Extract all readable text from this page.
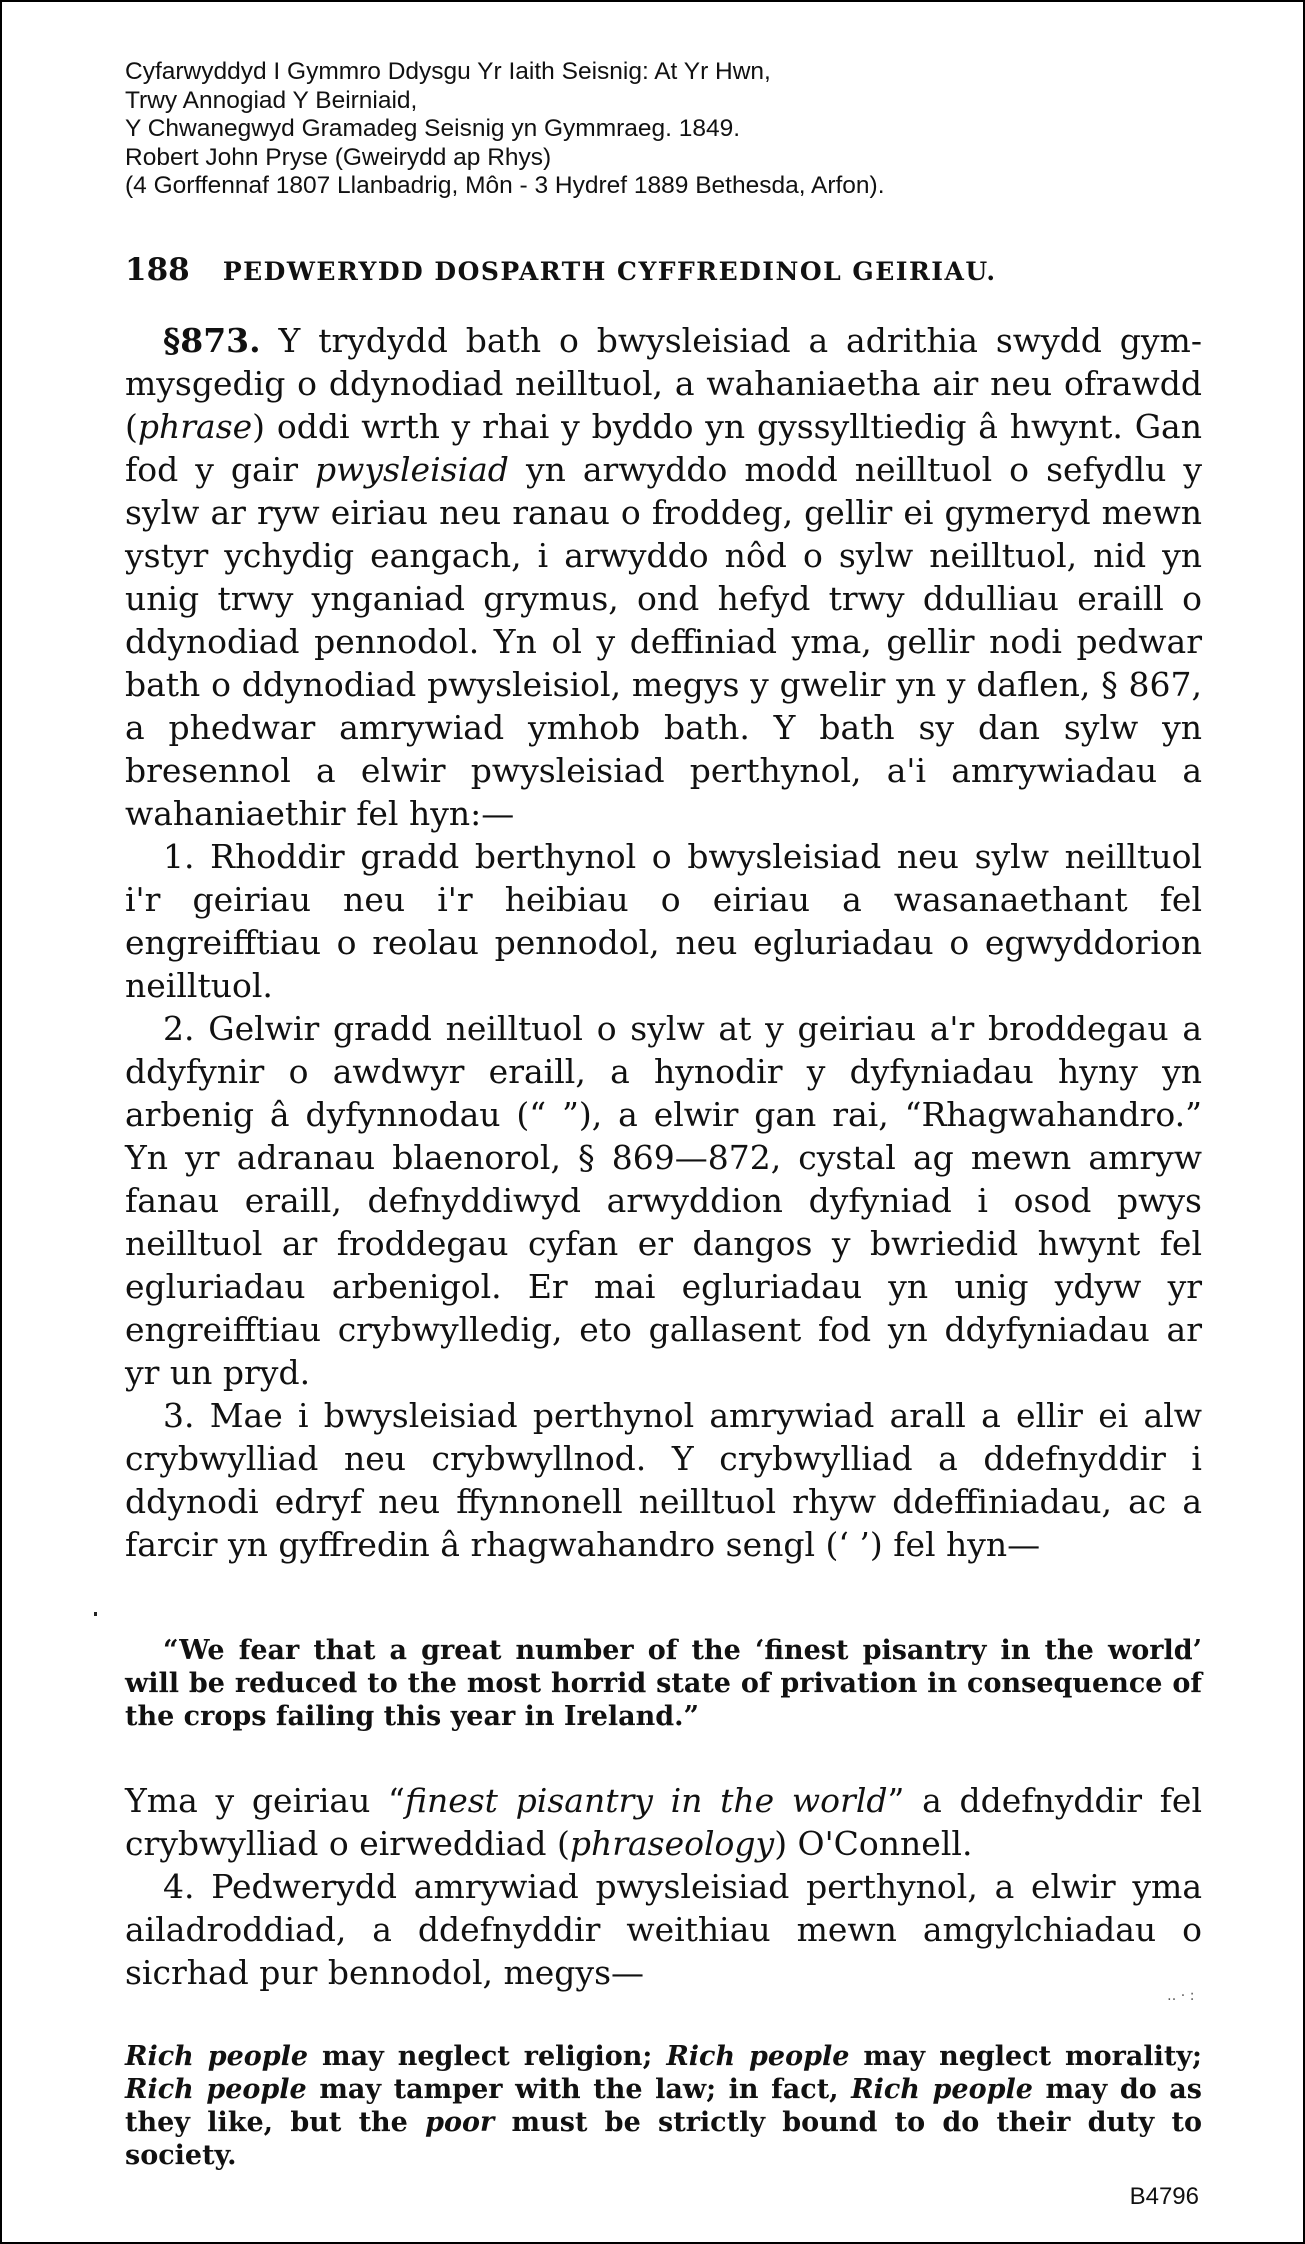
Cyfarwyddyd I Gymmro Ddysgu Yr Iaith Seisnig: At Yr Hwn,
Trwy Annogiad Y Beirniaid,
Y Chwanegwyd Gramadeg Seisnig yn Gymmraeg. 1849.
Robert John Pryse (Gweirydd ap Rhys)
(4 Gorffennaf 1807 Llanbadrig, Môn - 3 Hydref 1889 Bethesda, Arfon).
188 PEDWERYDD DOSPARTH CYFFREDINOL GEIRIAU.

§873. Y trydydd bath o bwysleisiad a adrithia swydd gymmysgedig o ddynodiad neilltuol, a wahaniaetha air neu ofrawdd (phrase) oddi wrth y rhai y byddo yn gyssylltiedig â hwynt. Gan fod y gair pwysleisiad yn arwyddo modd neilltuol o sefydlu y sylw ar ryw eiriau neu ranau o froddeg, gellir ei gymeryd mewn ystyr ychydig eangach, i arwyddo nôd o sylw neilltuol, nid yn unig trwy ynganiad grymus, ond hefyd trwy ddulliau eraill o ddynodiad pennodol. Yn ol y deffiniad yma, gellir nodi pedwar bath o ddynodiad pwysleisiol, megys y gwelir yn y daflen, § 867, a phedwar amrywiad ymhob bath. Y bath sy dan sylw yn bresennol a elwir pwysleisiad perthynol, a'i amrywiadau a wahaniaethir fel hyn:—

1. Rhoddir gradd berthynol o bwysleisiad neu sylw neilltuol i'r geiriau neu i'r heibiau o eiriau a wasanaethant fel engreifftiau o reolau pennodol, neu egluriadau o egwyddorion neilltuol.

2. Gelwir gradd neilltuol o sylw at y geiriau a'r broddegau a ddyfynir o awdwyr eraill, a hynodir y dyfyniadau hyny yn arbenig â dyfynnodau (“ ”), a elwir gan rai, “Rhagwahandro.” Yn yr adranau blaenorol, § 869—872, cystal ag mewn amryw fanau eraill, defnyddiwyd arwyddion dyfyniad i osod pwys neilltuol ar froddegau cyfan er dangos y bwriedid hwynt fel egluriadau arbenigol. Er mai egluriadau yn unig ydyw yr engreifftiau crybwylledig, eto gallasent fod yn ddyfyniadau ar yr un pryd.

3. Mae i bwysleisiad perthynol amrywiad arall a ellir ei alw crybwylliad neu crybwyllnod. Y crybwylliad a ddefnyddir i ddynodi edryf neu ffynnonell neilltuol rhyw ddeffiniadau, ac a farcir yn gyffredin â rhagwahandro sengl (‘ ’) fel hyn—

“We fear that a great number of the ‘finest pisantry in the world’ will be reduced to the most horrid state of privation in consequence of the crops failing this year in Ireland.”

Yma y geiriau “finest pisantry in the world” a ddefnyddir fel crybwylliad o eirweddiad (phraseology) O'Connell.

4. Pedwerydd amrywiad pwysleisiad perthynol, a elwir yma ailadroddiad, a ddefnyddir weithiau mewn amgylchiadau o sicrhad pur bennodol, megys—

‥ · :

Rich people may neglect religion; Rich people may neglect morality; Rich people may tamper with the law; in fact, Rich people may do as they like, but the poor must be strictly bound to do their duty to society.

B4796
